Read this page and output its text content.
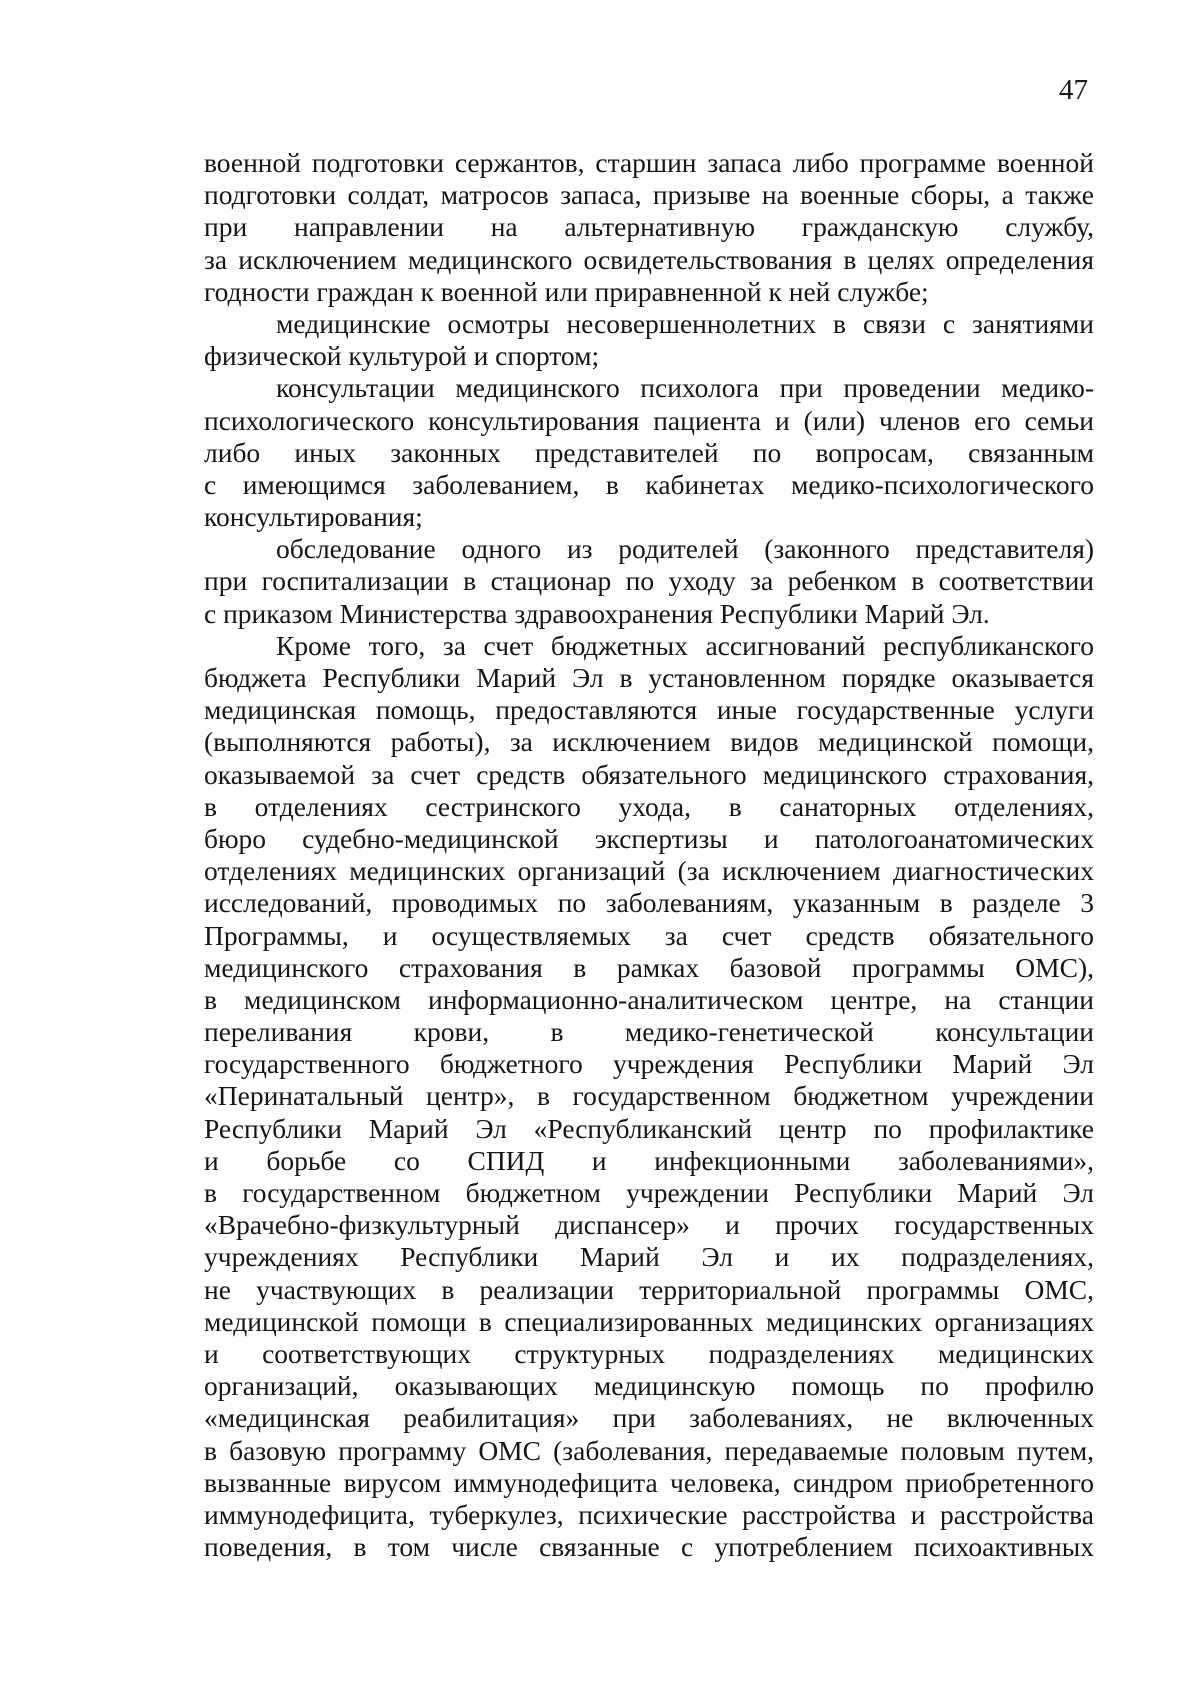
47
военной подготовки сержантов, старшин запаса либо программе военной
подготовки солдат, матросов запаса, призыве на военные сборы, а также
при направлении на альтернативную гражданскую службу,
за исключением медицинского освидетельствования в целях определения
годности граждан к военной или приравненной к ней службе;
медицинские осмотры несовершеннолетних в связи с занятиями
физической культурой и спортом;
консультации медицинского психолога при проведении медико-
психологического консультирования пациента и (или) членов его семьи
либо иных законных представителей по вопросам, связанным
с имеющимся заболеванием, в кабинетах медико-психологического
консультирования;
обследование одного из родителей (законного представителя)
при госпитализации в стационар по уходу за ребенком в соответствии
с приказом Министерства здравоохранения Республики Марий Эл.
Кроме того, за счет бюджетных ассигнований республиканского
бюджета Республики Марий Эл в установленном порядке оказывается
медицинская помощь, предоставляются иные государственные услуги
(выполняются работы), за исключением видов медицинской помощи,
оказываемой за счет средств обязательного медицинского страхования,
в отделениях сестринского ухода, в санаторных отделениях,
бюро судебно-медицинской экспертизы и патологоанатомических
отделениях медицинских организаций (за исключением диагностических
исследований, проводимых по заболеваниям, указанным в разделе 3
Программы, и осуществляемых за счет средств обязательного
медицинского страхования в рамках базовой программы ОМС),
в медицинском информационно-аналитическом центре, на станции
переливания крови, в медико-генетической консультации
государственного бюджетного учреждения Республики Марий Эл
«Перинатальный центр», в государственном бюджетном учреждении
Республики Марий Эл «Республиканский центр по профилактике
и борьбе со СПИД и инфекционными заболеваниями»,
в государственном бюджетном учреждении Республики Марий Эл
«Врачебно-физкультурный диспансер» и прочих государственных
учреждениях Республики Марий Эл и их подразделениях,
не участвующих в реализации территориальной программы ОМС,
медицинской помощи в специализированных медицинских организациях
и соответствующих структурных подразделениях медицинских
организаций, оказывающих медицинскую помощь по профилю
«медицинская реабилитация» при заболеваниях, не включенных
в базовую программу ОМС (заболевания, передаваемые половым путем,
вызванные вирусом иммунодефицита человека, синдром приобретенного
иммунодефицита, туберкулез, психические расстройства и расстройства
поведения, в том числе связанные с употреблением психоактивных
